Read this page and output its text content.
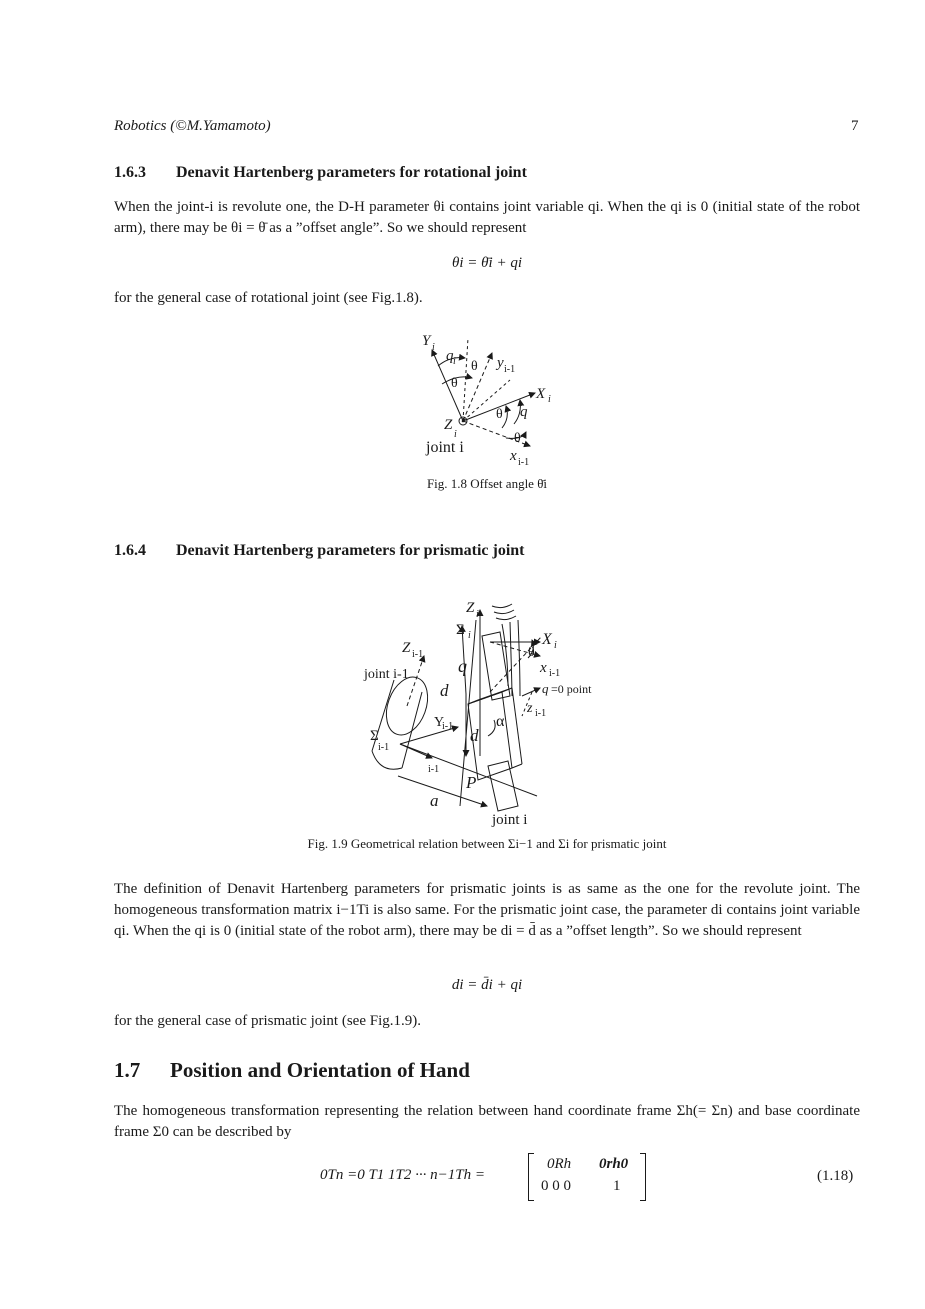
Robotics (©M.Yamamoto)	7
1.6.3 Denavit Hartenberg parameters for rotational joint

When the joint-i is revolute one, the D-H parameter θi contains joint variable qi. When the qi is 0 (initial state of the robot arm), there may be θi = θ̄ as a ”offset angle”. So we should represent

θi = θ̄i + qi

for the general case of rotational joint (see Fig.1.8).

Y i
q i θ y i-1
θ
X i
θ q
Z
i	θ
joint i	x i-1
Fig. 1.8 Offset angle θ̄i
1.6.4 Denavit Hartenberg parameters for prismatic joint
Z i
Σ i	X i
Z i-1	θ
q
joint i-1	x i-1
d	q =0 point
z i-1
Y
i-1	α
Σ
i-1
d
i-1
P
a
joint i
Fig. 1.9 Geometrical relation between Σi−1 and Σi for prismatic joint

The definition of Denavit Hartenberg parameters for prismatic joints is as same as the one for the revolute joint. The homogeneous transformation matrix i−1Ti is also same. For the prismatic joint case, the parameter di contains joint variable qi. When the qi is 0 (initial state of the robot arm), there may be di = d̄ as a ”offset length”. So we should represent

di = d̄i + qi

for the general case of prismatic joint (see Fig.1.9).

1.7 Position and Orientation of Hand

The homogeneous transformation representing the relation between hand coordinate frame Σh(= Σn) and base coordinate frame Σ0 can be described by

0Tn =0 T1 1T2 ··· n−1Th =
0Rh 0rh0
0 0 0	1
(1.18)
